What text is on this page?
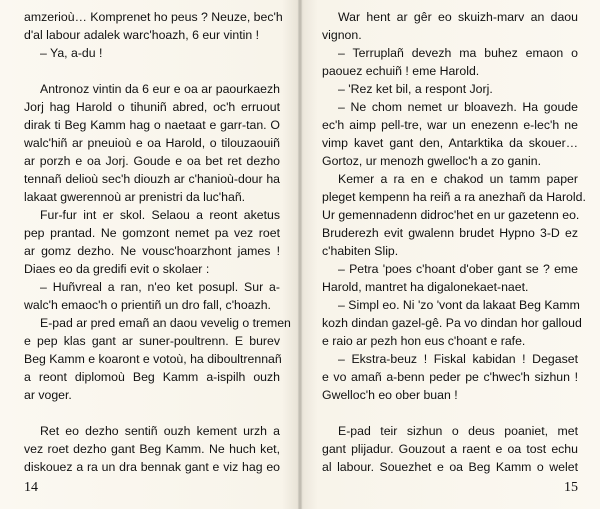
amzerioù… Komprenet ho peus ? Neuze, bec'h
d'al labour adalek warc'hoazh, 6 eur vintin !
– Ya, a-du !
Antronoz vintin da 6 eur e oa ar paourkaezh
Jorj hag Harold o tihuniñ abred, oc'h erruout
dirak ti Beg Kamm hag o naetaat e garr-tan. O
walc'hiñ ar pneuioù e oa Harold, o tilouzaouiñ
ar porzh e oa Jorj. Goude e oa bet ret dezho
tennañ delioù sec'h diouzh ar c'hanioù-dour ha
lakaat gwerennoù ar prenistri da luc'hañ.
Fur-fur int er skol. Selaou a reont aketus
pep prantad. Ne gomzont nemet pa vez roet
ar gomz dezho. Ne vousc'hoarzhont james !
Diaes eo da gredifi evit o skolaer :
– Huñvreal a ran, n'eo ket posupl. Sur a-
walc'h emaoc'h o prientiñ un dro fall, c'hoazh.
E-pad ar pred emañ an daou vevelig o tremen
e pep klas gant ar suner-poultrenn. E burev
Beg Kamm e koaront e votoù, ha diboultrennañ
a reont diplomoù Beg Kamm a-ispilh ouzh
ar voger.
Ret eo dezho sentiñ ouzh kement urzh a
vez roet dezho gant Beg Kamm. Ne huch ket,
diskouez a ra un dra bennak gant e viz hag eo
14
War hent ar gêr eo skuizh-marv an daou
vignon.
– Terruplañ devezh ma buhez emaon o
paouez echuiñ ! eme Harold.
– 'Rez ket bil, a respont Jorj.
– Ne chom nemet ur bloavezh. Ha goude
ec'h aimp pell-tre, war un enezenn e-lec'h ne
vimp kavet gant den, Antarktika da skouer…
Gortoz, ur menozh gwelloc'h a zo ganin.
Kemer a ra en e chakod un tamm paper
pleget kempenn ha reiñ a ra anezhañ da Harold.
Ur gemennadenn didroc'het en ur gazetenn eo.
Bruderezh evit gwalenn brudet Hypno 3-D ez
c'habiten Slip.
– Petra 'poes c'hoant d'ober gant se ? eme
Harold, mantret ha digalonekaet-naet.
– Simpl eo. Ni 'zo 'vont da lakaat Beg Kamm
kozh dindan gazel-gê. Pa vo dindan hor galloud
e raio ar pezh hon eus c'hoant e rafe.
– Ekstra-beuz ! Fiskal kabidan ! Degaset
e vo amañ a-benn peder pe c'hwec'h sizhun !
Gwelloc'h eo ober buan !
E-pad teir sizhun o deus poaniet, met
gant plijadur. Gouzout a raent e oa tost echu
al labour. Souezhet e oa Beg Kamm o welet
15
